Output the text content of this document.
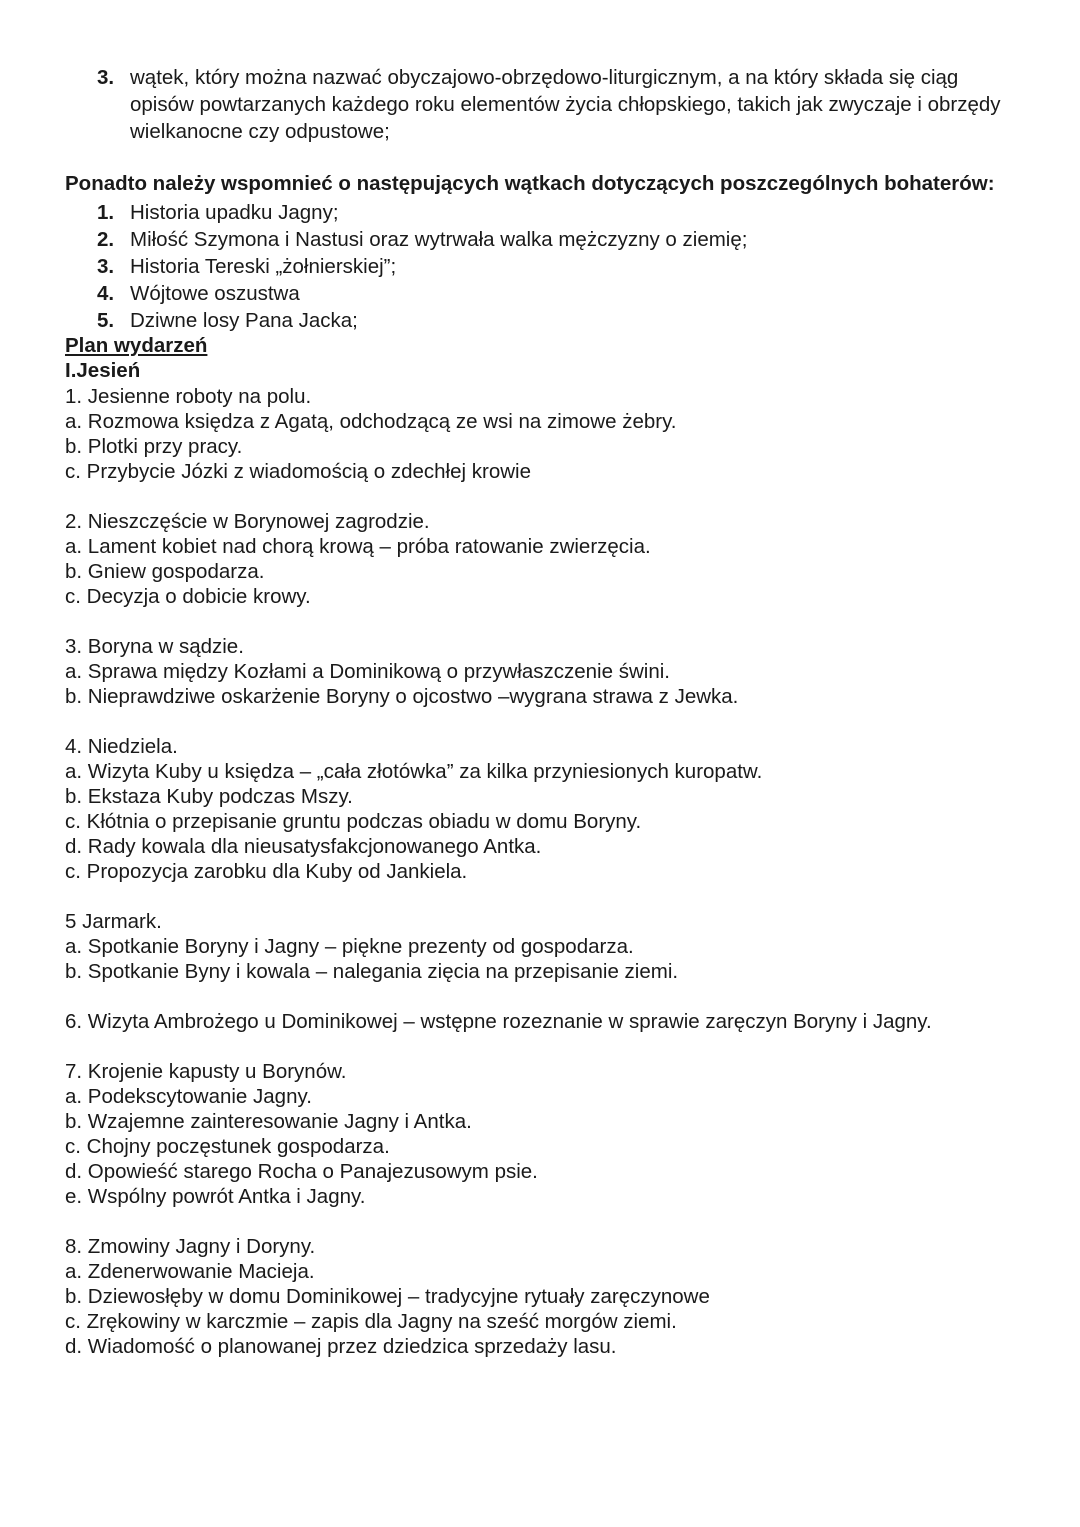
3. wątek, który można nazwać obyczajowo-obrzędowo-liturgicznym, a na który składa się ciąg opisów powtarzanych każdego roku elementów życia chłopskiego, takich jak zwyczaje i obrzędy wielkanocne czy odpustowe;
Ponadto należy wspomnieć o następujących wątkach dotyczących poszczególnych bohaterów:
1. Historia upadku Jagny;
2. Miłość Szymona i Nastusi oraz wytrwała walka mężczyzny o ziemię;
3. Historia Tereski „żołnierskiej”;
4. Wójtowe oszustwa
5. Dziwne losy Pana Jacka;
Plan wydarzeń
I.Jesień
1. Jesienne roboty na polu.
a. Rozmowa księdza z Agatą, odchodzącą ze wsi na zimowe żebry.
b. Plotki przy pracy.
c. Przybycie Józki z wiadomością o zdechłej krowie
2. Nieszczęście w Borynowej zagrodzie.
a. Lament kobiet nad chorą krową – próba ratowanie zwierzęcia.
b. Gniew gospodarza.
c. Decyzja o dobicie krowy.
3. Boryna w sądzie.
a. Sprawa między Kozłami a Dominikową o przywłaszczenie świni.
b. Nieprawdziwe oskarżenie Boryny o ojcostwo –wygrana strawa z Jewka.
4. Niedziela.
a. Wizyta Kuby u księdza – „cała złotówka” za kilka przyniesionych kuropatw.
b. Ekstaza Kuby podczas Mszy.
c. Kłótnia o przepisanie gruntu podczas obiadu w domu Boryny.
d. Rady kowala dla nieusatysfakcjonowanego Antka.
c. Propozycja zarobku dla Kuby od Jankiela.
5 Jarmark.
a. Spotkanie Boryny i Jagny – piękne prezenty od gospodarza.
b. Spotkanie Byny i kowala – nalegania zięcia na przepisanie ziemi.
6. Wizyta Ambrożego u Dominikowej – wstępne rozeznanie w sprawie zaręczyn Boryny i Jagny.
7. Krojenie kapusty u Borynów.
a. Podekscytowanie Jagny.
b. Wzajemne zainteresowanie Jagny i Antka.
c. Chojny poczęstunek gospodarza.
d. Opowieść starego Rocha o Panajezusowym psie.
e. Wspólny powrót Antka i Jagny.
8. Zmowiny Jagny i Doryny.
a. Zdenerwowanie Macieja.
b. Dziewosłęby w domu Dominikowej – tradycyjne rytuały zaręczynowe
c. Zrękowiny w karczmie – zapis dla Jagny na sześć morgów ziemi.
d. Wiadomość o planowanej przez dziedzica sprzedaży lasu.
